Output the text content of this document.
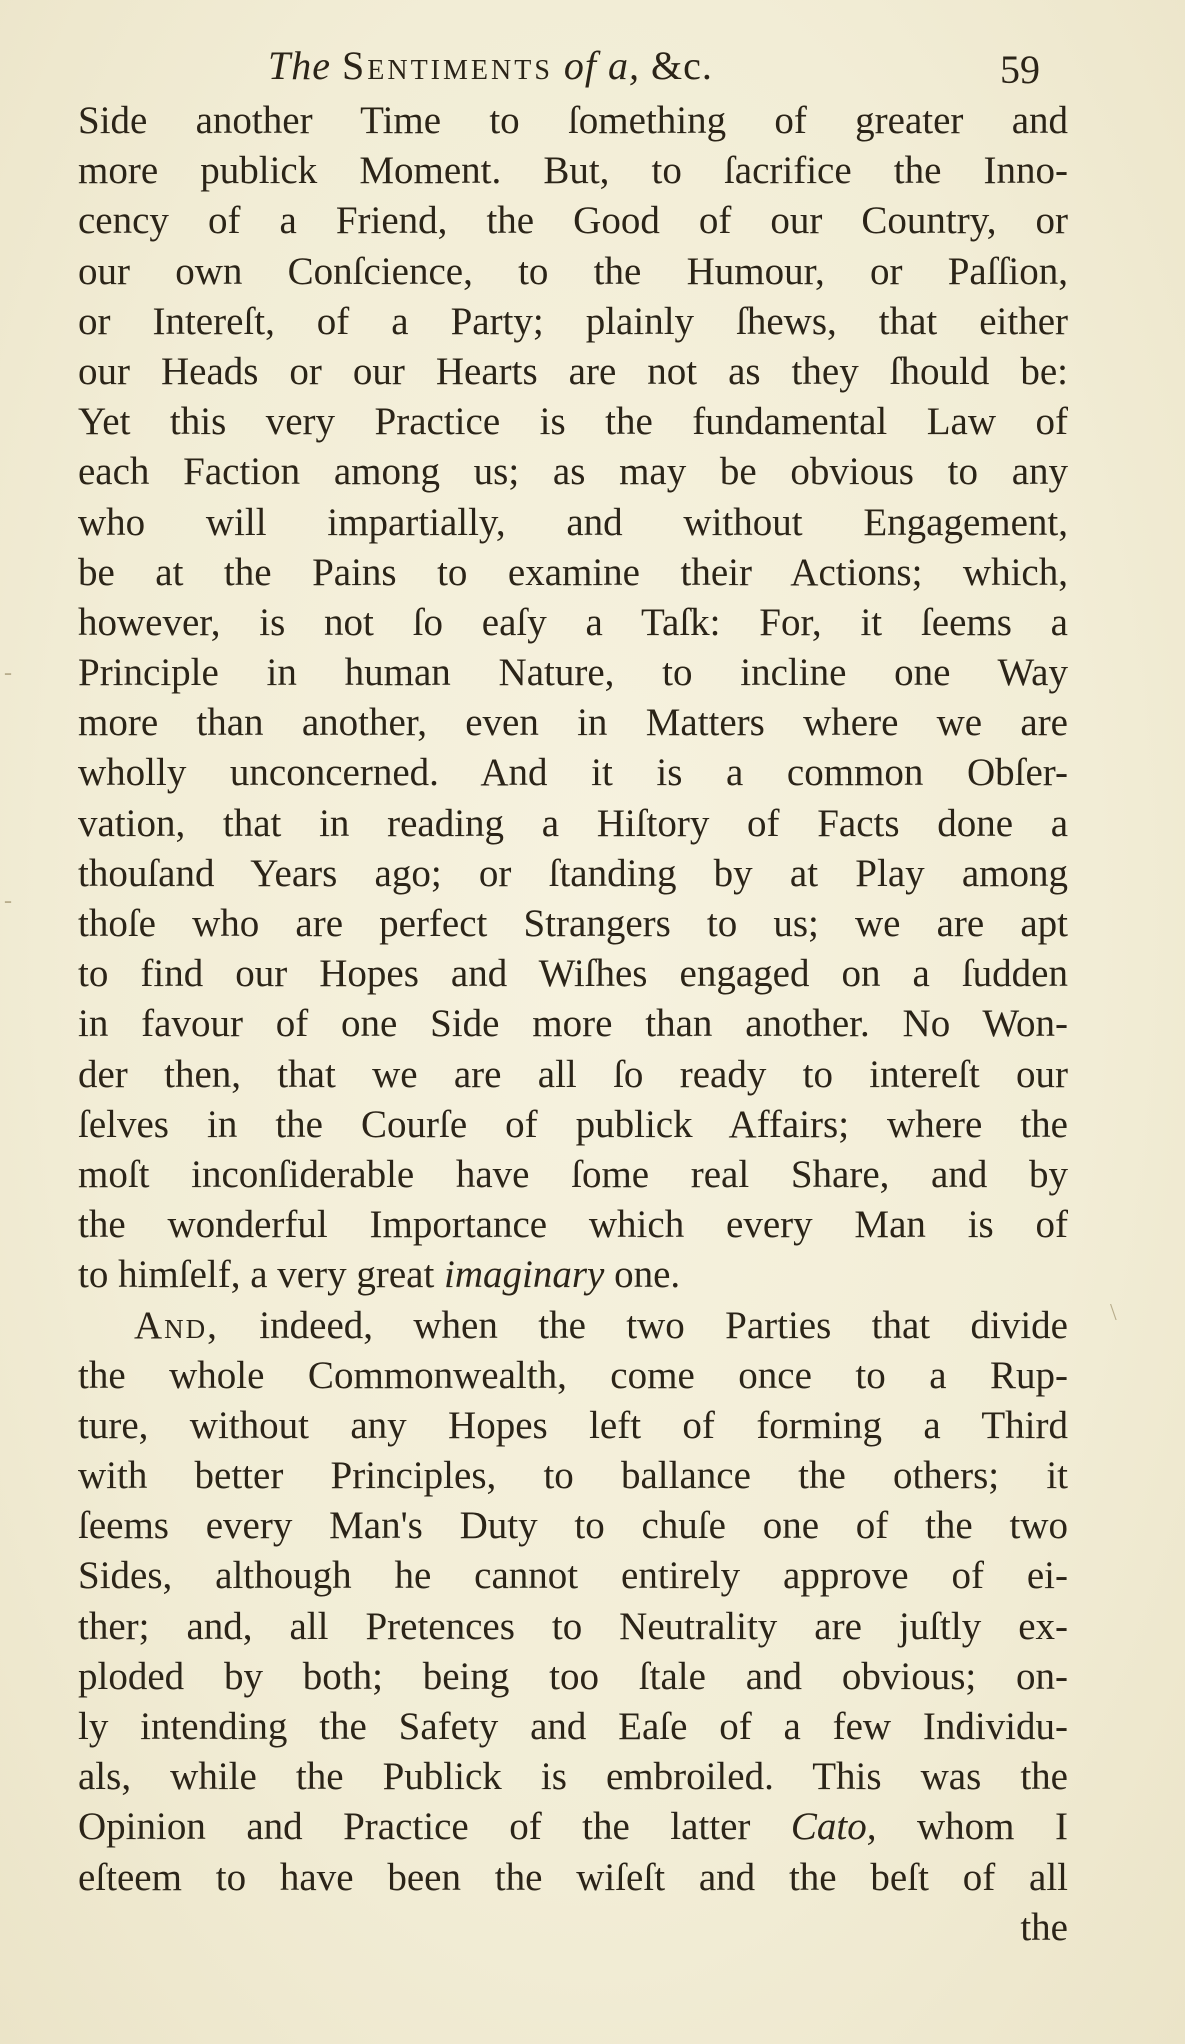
The Sentiments of a, &c.	59
Side another Time to ſomething of greater and
more publick Moment. But, to ſacrifice the Inno-
cency of a Friend, the Good of our Country, or
our own Conſcience, to the Humour, or Paſſion,
or Intereſt, of a Party; plainly ſhews, that either
our Heads or our Hearts are not as they ſhould be:
Yet this very Practice is the fundamental Law of
each Faction among us; as may be obvious to any
who will impartially, and without Engagement,
be at the Pains to examine their Actions; which,
however, is not ſo eaſy a Taſk: For, it ſeems a
Principle in human Nature, to incline one Way
more than another, even in Matters where we are
wholly unconcerned. And it is a common Obſer-
vation, that in reading a Hiſtory of Facts done a
thouſand Years ago; or ſtanding by at Play among
thoſe who are perfect Strangers to us; we are apt
to find our Hopes and Wiſhes engaged on a ſudden
in favour of one Side more than another. No Won-
der then, that we are all ſo ready to intereſt our
ſelves in the Courſe of publick Affairs; where the
moſt inconſiderable have ſome real Share, and by
the wonderful Importance which every Man is of
to himſelf, a very great imaginary one.
And, indeed, when the two Parties that divide
the whole Commonwealth, come once to a Rup-
ture, without any Hopes left of forming a Third
with better Principles, to ballance the others; it
ſeems every Man's Duty to chuſe one of the two
Sides, although he cannot entirely approve of ei-
ther; and, all Pretences to Neutrality are juſtly ex-
ploded by both; being too ſtale and obvious; on-
ly intending the Safety and Eaſe of a few Individu-
als, while the Publick is embroiled. This was the
Opinion and Practice of the latter Cato, whom I
eſteem to have been the wiſeſt and the beſt of all
the
-
-
\
